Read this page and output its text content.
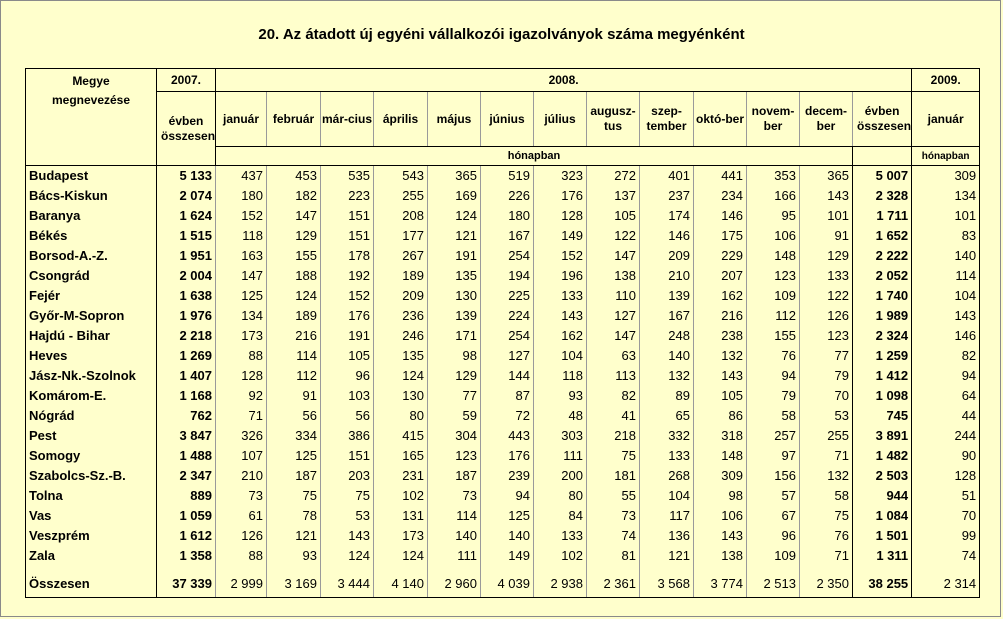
20. Az átadott új egyéni vállalkozói igazolványok száma megyénként
Megye
megnevezése	2007.	2008.													2009.
	évben összesen	január	február	már-cius	április	május	június	július	augusz-tus	szep-tember	októ-ber	novem-ber	decem-ber	évben összesen	január
		hónapban													hónapban
Budapest	5 133	437	453	535	543	365	519	323	272	401	441	353	365	5 007	309
Bács-Kiskun	2 074	180	182	223	255	169	226	176	137	237	234	166	143	2 328	134
Baranya	1 624	152	147	151	208	124	180	128	105	174	146	95	101	1 711	101
Békés	1 515	118	129	151	177	121	167	149	122	146	175	106	91	1 652	83
Borsod-A.-Z.	1 951	163	155	178	267	191	254	152	147	209	229	148	129	2 222	140
Csongrád	2 004	147	188	192	189	135	194	196	138	210	207	123	133	2 052	114
Fejér	1 638	125	124	152	209	130	225	133	110	139	162	109	122	1 740	104
Győr-M-Sopron	1 976	134	189	176	236	139	224	143	127	167	216	112	126	1 989	143
Hajdú - Bihar	2 218	173	216	191	246	171	254	162	147	248	238	155	123	2 324	146
Heves	1 269	88	114	105	135	98	127	104	63	140	132	76	77	1 259	82
Jász-Nk.-Szolnok	1 407	128	112	96	124	129	144	118	113	132	143	94	79	1 412	94
Komárom-E.	1 168	92	91	103	130	77	87	93	82	89	105	79	70	1 098	64
Nógrád	762	71	56	56	80	59	72	48	41	65	86	58	53	745	44
Pest	3 847	326	334	386	415	304	443	303	218	332	318	257	255	3 891	244
Somogy	1 488	107	125	151	165	123	176	111	75	133	148	97	71	1 482	90
Szabolcs-Sz.-B.	2 347	210	187	203	231	187	239	200	181	268	309	156	132	2 503	128
Tolna	889	73	75	75	102	73	94	80	55	104	98	57	58	944	51
Vas	1 059	61	78	53	131	114	125	84	73	117	106	67	75	1 084	70
Veszprém	1 612	126	121	143	173	140	140	133	74	136	143	96	76	1 501	99
Zala	1 358	88	93	124	124	111	149	102	81	121	138	109	71	1 311	74

Összesen	37 339	2 999	3 169	3 444	4 140	2 960	4 039	2 938	2 361	3 568	3 774	2 513	2 350	38 255	2 314
